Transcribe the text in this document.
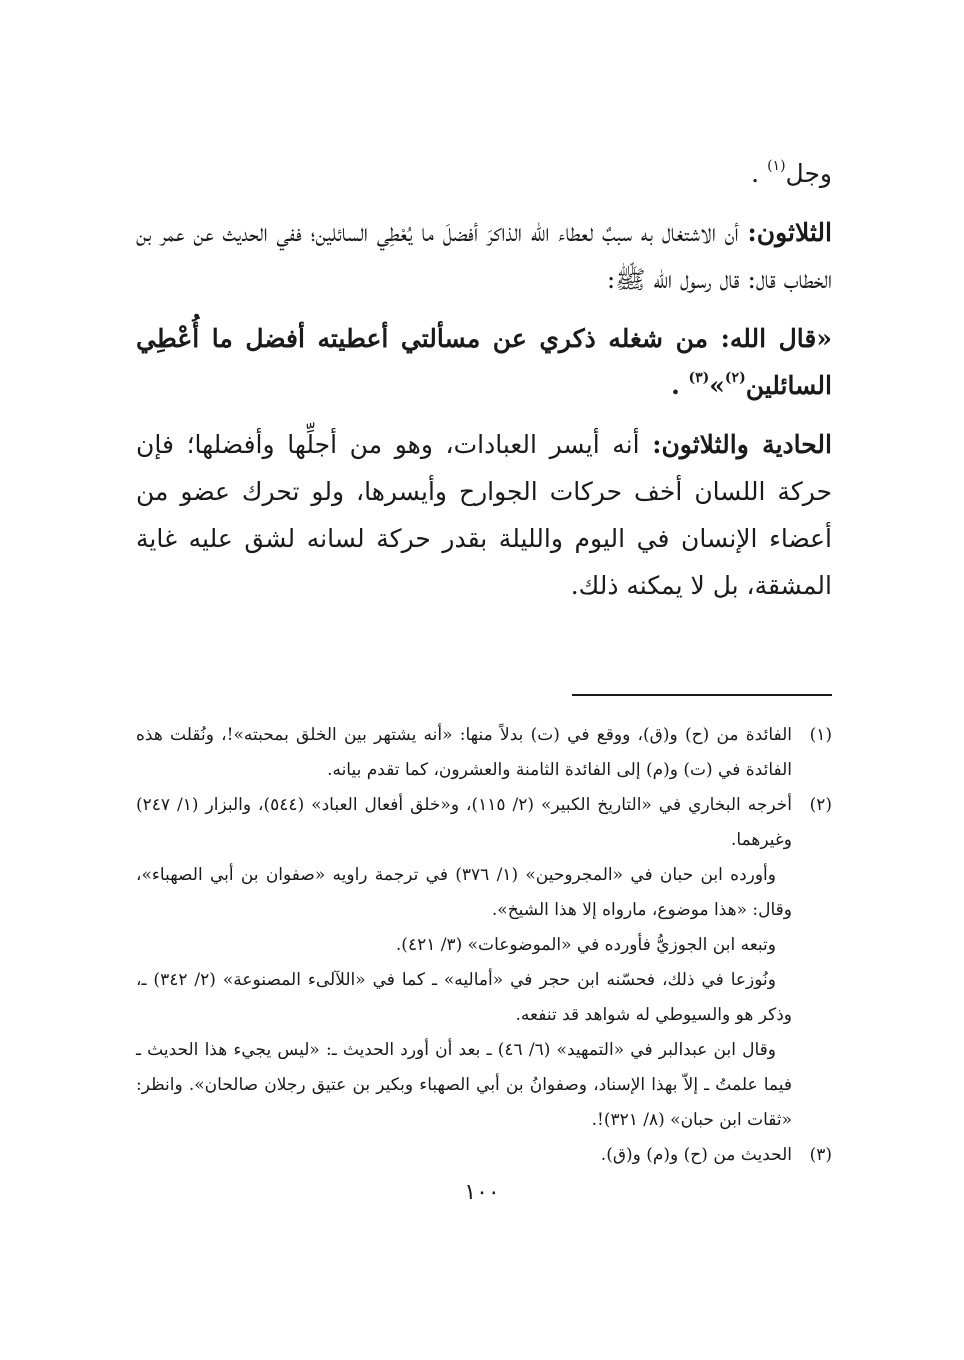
وجل$^{(١)}$ .

الثلاثون: أن الاشتغال به سببٌ لعطاء الله الذاكرَ أفضلَ ما يُعْطِي السائلين؛ ففي الحديث عن عمر بن الخطاب قال: قال رسول الله ﷺ:

«قال الله: من شغله ذكري عن مسألتي أعطيته أفضل ما أُعْطِي السائلين$^{(٢)}$»$^{(٣)}$ .

الحادية والثلاثون: أنه أيسر العبادات، وهو من أجلِّها وأفضلها؛ فإن حركة اللسان أخف حركات الجوارح وأيسرها، ولو تحرك عضو من أعضاء الإنسان في اليوم والليلة بقدر حركة لسانه لشق عليه غاية المشقة، بل لا يمكنه ذلك.

(١)

الفائدة من (ح) و(ق)، ووقع في (ت) بدلاً منها: «أنه يشتهر بين الخلق بمحبته»!، ونُقلت هذه الفائدة في (ت) و(م) إلى الفائدة الثامنة والعشرون، كما تقدم بيانه.

(٢)

أخرجه البخاري في «التاريخ الكبير» (٢/ ١١٥)، و«خلق أفعال العباد» (٥٤٤)، والبزار (١/ ٢٤٧) وغيرهما.

وأورده ابن حبان في «المجروحين» (١/ ٣٧٦) في ترجمة راويه «صفوان بن أبي الصهباء»، وقال: «هذا موضوع، مارواه إلا هذا الشيخ».

وتبعه ابن الجوزيُّ فأورده في «الموضوعات» (٣/ ٤٢١).

ونُوزعا في ذلك، فحسّنه ابن حجر في «أماليه» ـ كما في «اللآلىء المصنوعة» (٢/ ٣٤٢) ـ، وذكر هو والسيوطي له شواهد قد تنفعه.

وقال ابن عبدالبر في «التمهيد» (٦/ ٤٦) ـ بعد أن أورد الحديث ـ: «ليس يجيء هذا الحديث ـ فيما علمتُ ـ إلاّ بهذا الإسناد، وصفوانُ بن أبي الصهباء وبكير بن عتيق رجلان صالحان». وانظر: «ثقات ابن حبان» (٨/ ٣٢١)!.

(٣)

الحديث من (ح) و(م) و(ق).

١٠٠
